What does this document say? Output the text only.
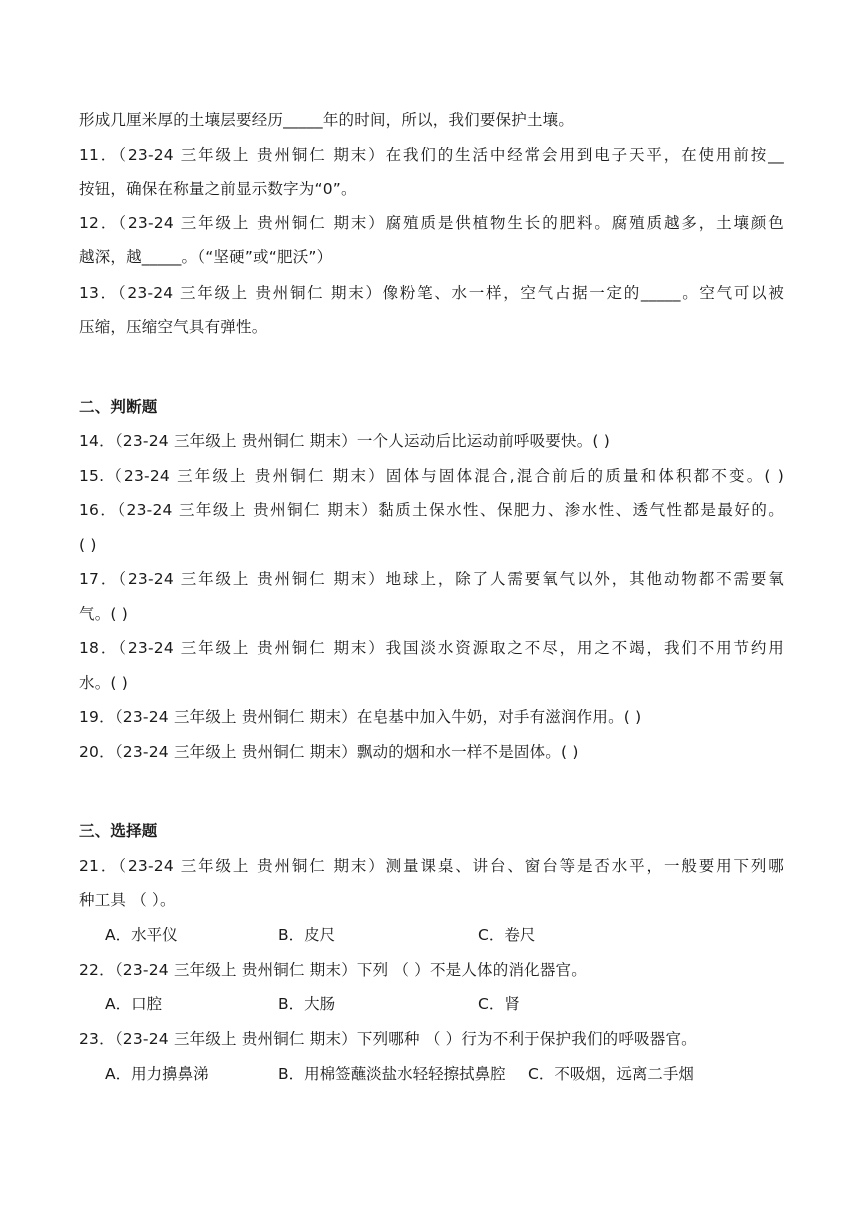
形成几厘米厚的土壤层要经历_____年的时间，所以，我们要保护土壤。
11．（23-24 三年级上 贵州铜仁 期末）在我们的生活中经常会用到电子天平，在使用前按__
按钮，确保在称量之前显示数字为“0”。
12．（23-24 三年级上 贵州铜仁 期末）腐殖质是供植物生长的肥料。腐殖质越多，土壤颜色
越深，越_____。（“坚硬”或“肥沃”）
13．（23-24 三年级上 贵州铜仁 期末）像粉笔、水一样，空气占据一定的_____。空气可以被
压缩，压缩空气具有弹性。
二、判断题
14．（23-24 三年级上 贵州铜仁 期末）一个人运动后比运动前呼吸要快。( )
15.（23-24 三年级上 贵州铜仁 期末）固体与固体混合,混合前后的质量和体积都不变。( )
16．（23-24 三年级上 贵州铜仁 期末）黏质土保水性、保肥力、渗水性、透气性都是最好的。
( )
17．（23-24 三年级上 贵州铜仁 期末）地球上，除了人需要氧气以外，其他动物都不需要氧
气。( )
18．（23-24 三年级上 贵州铜仁 期末）我国淡水资源取之不尽，用之不竭，我们不用节约用
水。( )
19．（23-24 三年级上 贵州铜仁 期末）在皂基中加入牛奶，对手有滋润作用。( )
20．（23-24 三年级上 贵州铜仁 期末）飘动的烟和水一样不是固体。( )
三、选择题
21．（23-24 三年级上 贵州铜仁 期末）测量课桌、讲台、窗台等是否水平，一般要用下列哪
种工具 （ ）。
A．水平仪	B．皮尺	C．卷尺
22．（23-24 三年级上 贵州铜仁 期末）下列 （ ）不是人体的消化器官。
A．口腔	B．大肠	C．肾
23．（23-24 三年级上 贵州铜仁 期末）下列哪种 （ ）行为不利于保护我们的呼吸器官。
A．用力擤鼻涕	B．用棉签蘸淡盐水轻轻擦拭鼻腔 C．不吸烟，远离二手烟
